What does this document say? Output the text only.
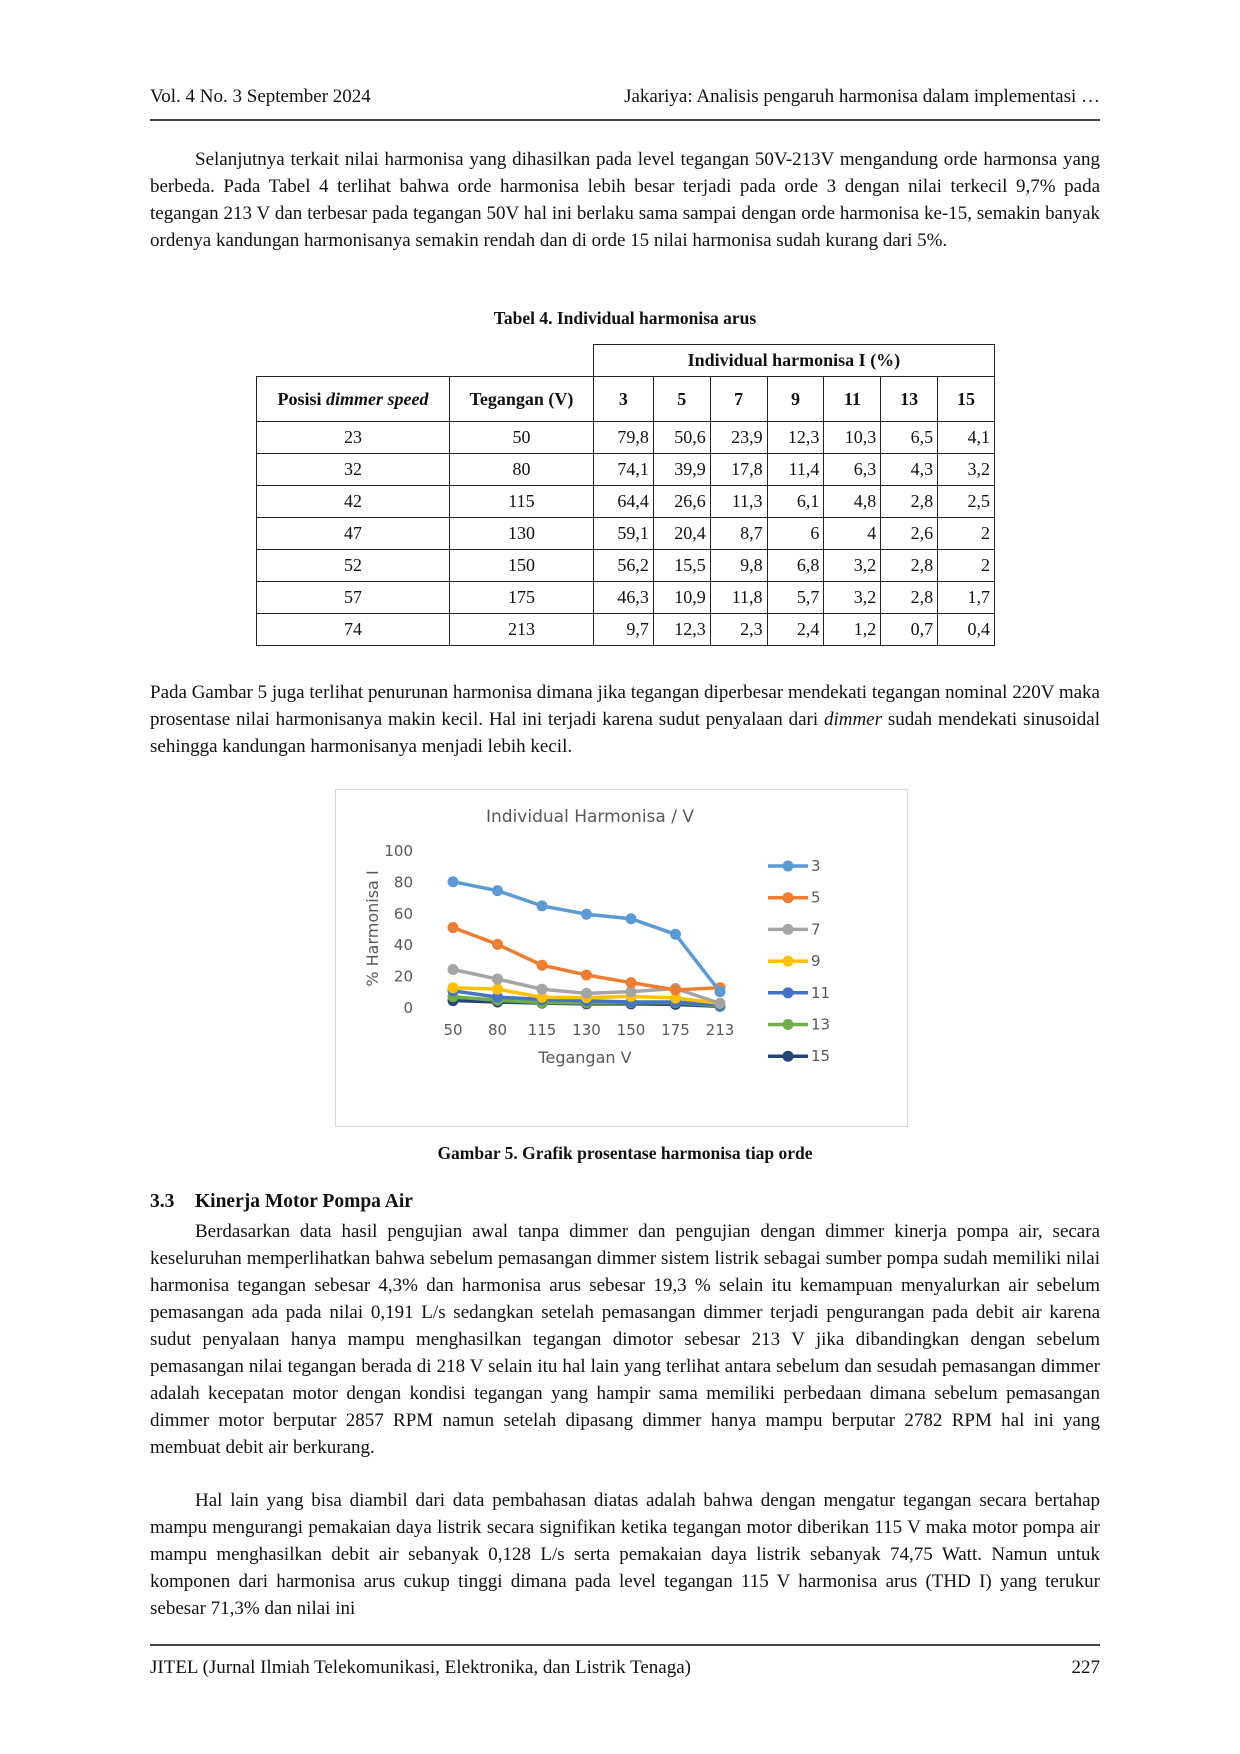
Vol. 4 No. 3 September 2024	Jakariya: Analisis pengaruh harmonisa dalam implementasi …

Selanjutnya terkait nilai harmonisa yang dihasilkan pada level tegangan 50V-213V mengandung orde harmonsa yang berbeda. Pada Tabel 4 terlihat bahwa orde harmonisa lebih besar terjadi pada orde 3 dengan nilai terkecil 9,7% pada tegangan 213 V dan terbesar pada tegangan 50V hal ini berlaku sama sampai dengan orde harmonisa ke-15, semakin banyak ordenya kandungan harmonisanya semakin rendah dan di orde 15 nilai harmonisa sudah kurang dari 5%.

Tabel 4. Individual harmonisa arus
		Individual harmonisa I (%)						
Posisi dimmer speed	Tegangan (V)	3	5	7	9	11	13	15
23	50	79,8	50,6	23,9	12,3	10,3	6,5	4,1
32	80	74,1	39,9	17,8	11,4	6,3	4,3	3,2
42	115	64,4	26,6	11,3	6,1	4,8	2,8	2,5
47	130	59,1	20,4	8,7	6	4	2,6	2
52	150	56,2	15,5	9,8	6,8	3,2	2,8	2
57	175	46,3	10,9	11,8	5,7	3,2	2,8	1,7
74	213	9,7	12,3	2,3	2,4	1,2	0,7	0,4

Pada Gambar 5 juga terlihat penurunan harmonisa dimana jika tegangan diperbesar mendekati tegangan nominal 220V maka prosentase nilai harmonisanya makin kecil. Hal ini terjadi karena sudut penyalaan dari dimmer sudah mendekati sinusoidal sehingga kandungan harmonisanya menjadi lebih kecil.

Individual Harmonisa / V
0
20
40
60
80
100
% Harmonisa I
50 80 115 130 150 175 213
Tegangan V
3
5
7
9
11
13
15
Gambar 5. Grafik prosentase harmonisa tiap orde
3.3 Kinerja Motor Pompa Air

Berdasarkan data hasil pengujian awal tanpa dimmer dan pengujian dengan dimmer kinerja pompa air, secara keseluruhan memperlihatkan bahwa sebelum pemasangan dimmer sistem listrik sebagai sumber pompa sudah memiliki nilai harmonisa tegangan sebesar 4,3% dan harmonisa arus sebesar 19,3 % selain itu kemampuan menyalurkan air sebelum pemasangan ada pada nilai 0,191 L/s sedangkan setelah pemasangan dimmer terjadi pengurangan pada debit air karena sudut penyalaan hanya mampu menghasilkan tegangan dimotor sebesar 213 V jika dibandingkan dengan sebelum pemasangan nilai tegangan berada di 218 V selain itu hal lain yang terlihat antara sebelum dan sesudah pemasangan dimmer adalah kecepatan motor dengan kondisi tegangan yang hampir sama memiliki perbedaan dimana sebelum pemasangan dimmer motor berputar 2857 RPM namun setelah dipasang dimmer hanya mampu berputar 2782 RPM hal ini yang membuat debit air berkurang.

Hal lain yang bisa diambil dari data pembahasan diatas adalah bahwa dengan mengatur tegangan secara bertahap mampu mengurangi pemakaian daya listrik secara signifikan ketika tegangan motor diberikan 115 V maka motor pompa air mampu menghasilkan debit air sebanyak 0,128 L/s serta pemakaian daya listrik sebanyak 74,75 Watt. Namun untuk komponen dari harmonisa arus cukup tinggi dimana pada level tegangan 115 V harmonisa arus (THD I) yang terukur sebesar 71,3% dan nilai ini

JITEL (Jurnal Ilmiah Telekomunikasi, Elektronika, dan Listrik Tenaga)	227
